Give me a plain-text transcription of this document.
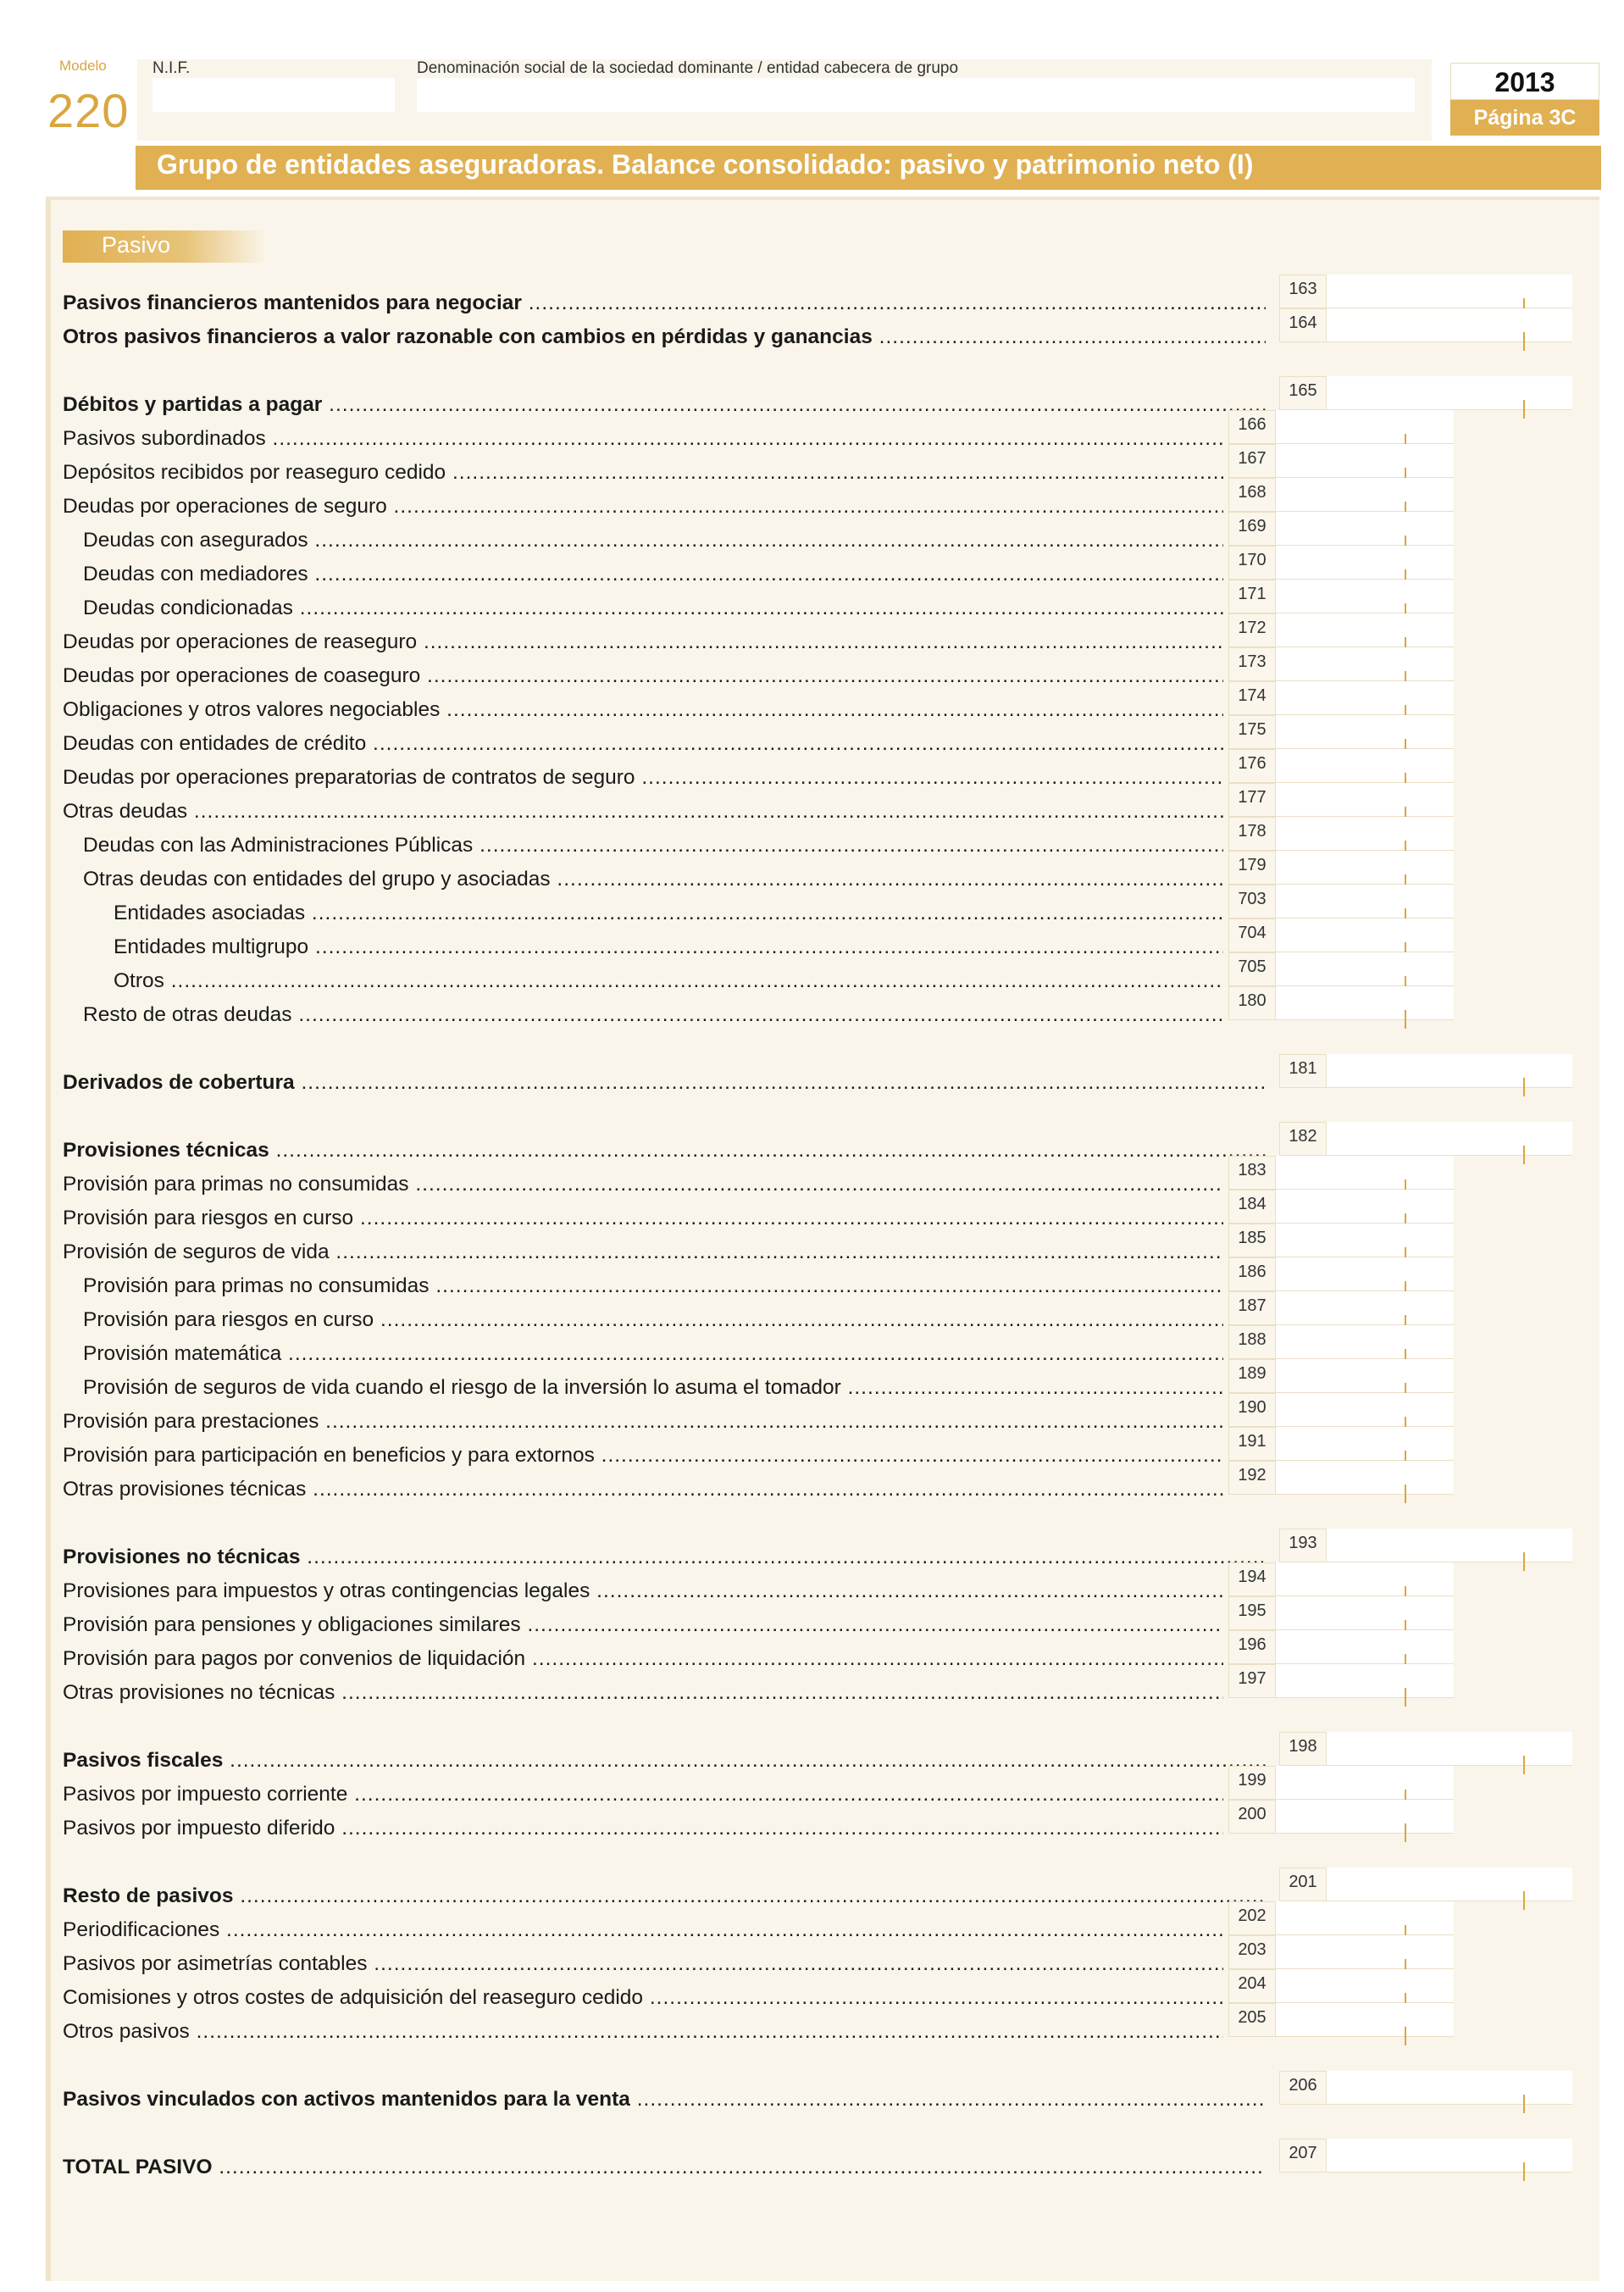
Modelo
220
N.I.F.	Denominación social de la sociedad dominante / entidad cabecera de grupo	2013
Página 3C
Grupo de entidades aseguradoras. Balance consolidado: pasivo y patrimonio neto (I)
Pasivo
Pasivos financieros mantenidos para negociar .....
163
Otros pasivos financieros a valor razonable con cambios en pérdidas y ganancias .....
164
Débitos y partidas a pagar .....
165
Pasivos subordinados .....
166
Depósitos recibidos por reaseguro cedido .....
167
Deudas por operaciones de seguro .....
168
Deudas con asegurados .....
169
Deudas con mediadores .....
170
Deudas condicionadas .....
171
Deudas por operaciones de reaseguro .....
172
Deudas por operaciones de coaseguro .....
173
Obligaciones y otros valores negociables .....
174
Deudas con entidades de crédito .....
175
Deudas por operaciones preparatorias de contratos de seguro .....
176
Otras deudas .....
177
Deudas con las Administraciones Públicas .....
178
Otras deudas con entidades del grupo y asociadas .....
179
Entidades asociadas .....
703
Entidades multigrupo .....
704
Otros .....
705
Resto de otras deudas .....
180
Derivados de cobertura .....
181
Provisiones técnicas .....
182
Provisión para primas no consumidas .....
183
Provisión para riesgos en curso .....
184
Provisión de seguros de vida .....
185
Provisión para primas no consumidas .....
186
Provisión para riesgos en curso .....
187
Provisión matemática .....
188
Provisión de seguros de vida cuando el riesgo de la inversión lo asuma el tomador .....
189
Provisión para prestaciones .....
190
Provisión para participación en beneficios y para extornos .....
191
Otras provisiones técnicas .....
192
Provisiones no técnicas .....
193
Provisiones para impuestos y otras contingencias legales .....
194
Provisión para pensiones y obligaciones similares .....
195
Provisión para pagos por convenios de liquidación .....
196
Otras provisiones no técnicas .....
197
Pasivos fiscales .....
198
Pasivos por impuesto corriente .....
199
Pasivos por impuesto diferido .....
200
Resto de pasivos .....
201
Periodificaciones .....
202
Pasivos por asimetrías contables .....
203
Comisiones y otros costes de adquisición del reaseguro cedido .....
204
Otros pasivos .....
205
Pasivos vinculados con activos mantenidos para la venta .....
206
TOTAL PASIVO .....
207
